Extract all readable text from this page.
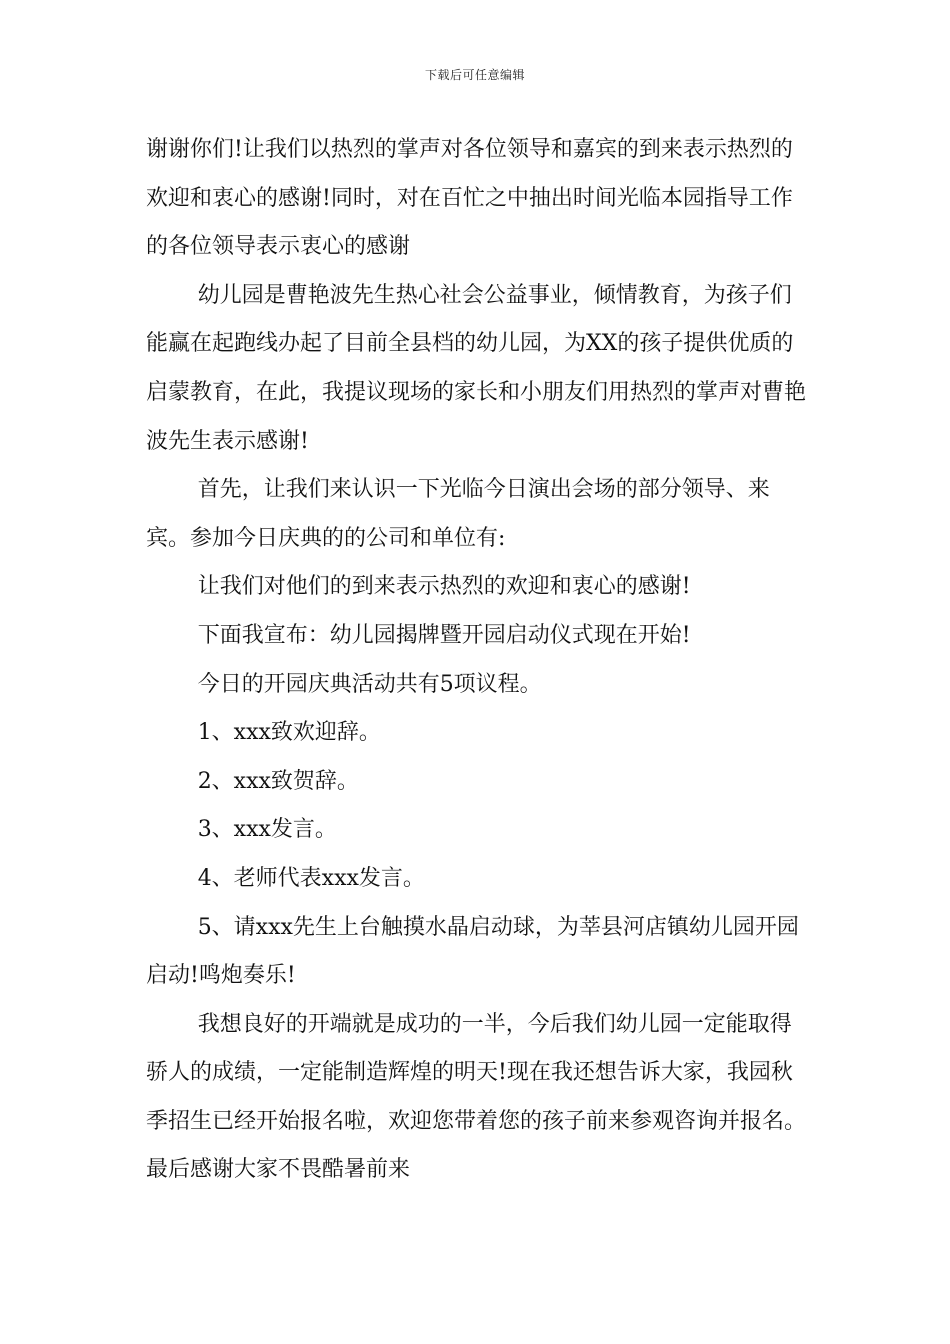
下载后可任意编辑

谢谢你们!让我们以热烈的掌声对各位领导和嘉宾的到来表示热烈的欢迎和衷心的感谢!同时，对在百忙之中抽出时间光临本园指导工作的各位领导表示衷心的感谢

幼儿园是曹艳波先生热心社会公益事业，倾情教育，为孩子们能赢在起跑线办起了目前全县档的幼儿园，为XX的孩子提供优质的启蒙教育，在此，我提议现场的家长和小朋友们用热烈的掌声对曹艳波先生表示感谢!

首先，让我们来认识一下光临今日演出会场的部分领导、来宾。参加今日庆典的的公司和单位有:

让我们对他们的到来表示热烈的欢迎和衷心的感谢!

下面我宣布：幼儿园揭牌暨开园启动仪式现在开始!

今日的开园庆典活动共有5项议程。

1、xxx致欢迎辞。

2、xxx致贺辞。

3、xxx发言。

4、老师代表xxx发言。

5、请xxx先生上台触摸水晶启动球，为莘县河店镇幼儿园开园启动!鸣炮奏乐!

我想良好的开端就是成功的一半，今后我们幼儿园一定能取得骄人的成绩，一定能制造辉煌的明天!现在我还想告诉大家，我园秋季招生已经开始报名啦，欢迎您带着您的孩子前来参观咨询并报名。最后感谢大家不畏酷暑前来
